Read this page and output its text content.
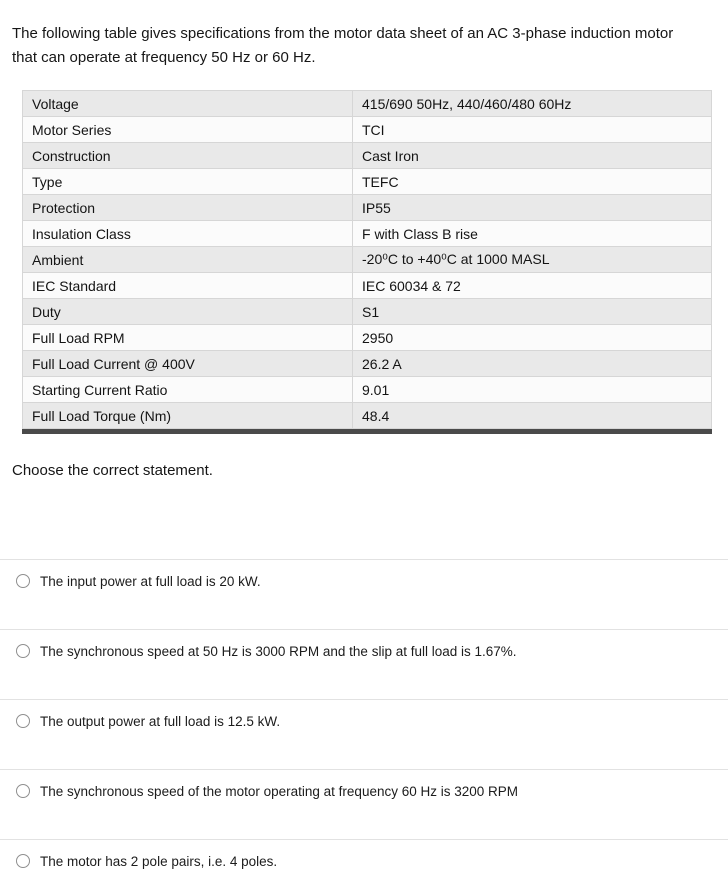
The following table gives specifications from the motor data sheet of an AC 3-phase induction motor that can operate at frequency 50 Hz or 60 Hz.

Voltage	415/690 50Hz, 440/460/480 60Hz
Motor Series	TCI
Construction	Cast Iron
Type	TEFC
Protection	IP55
Insulation Class	F with Class B rise
Ambient	-20⁰C to +40⁰C at 1000 MASL
IEC Standard	IEC 60034 & 72
Duty	S1
Full Load RPM	2950
Full Load Current @ 400V	26.2 A
Starting Current Ratio	9.01
Full Load Torque (Nm)	48.4

Choose the correct statement.

The input power at full load is 20 kW.
The synchronous speed at 50 Hz is 3000 RPM and the slip at full load is 1.67%.
The output power at full load is 12.5 kW.
The synchronous speed of the motor operating at frequency 60 Hz is 3200 RPM
The motor has 2 pole pairs, i.e. 4 poles.
